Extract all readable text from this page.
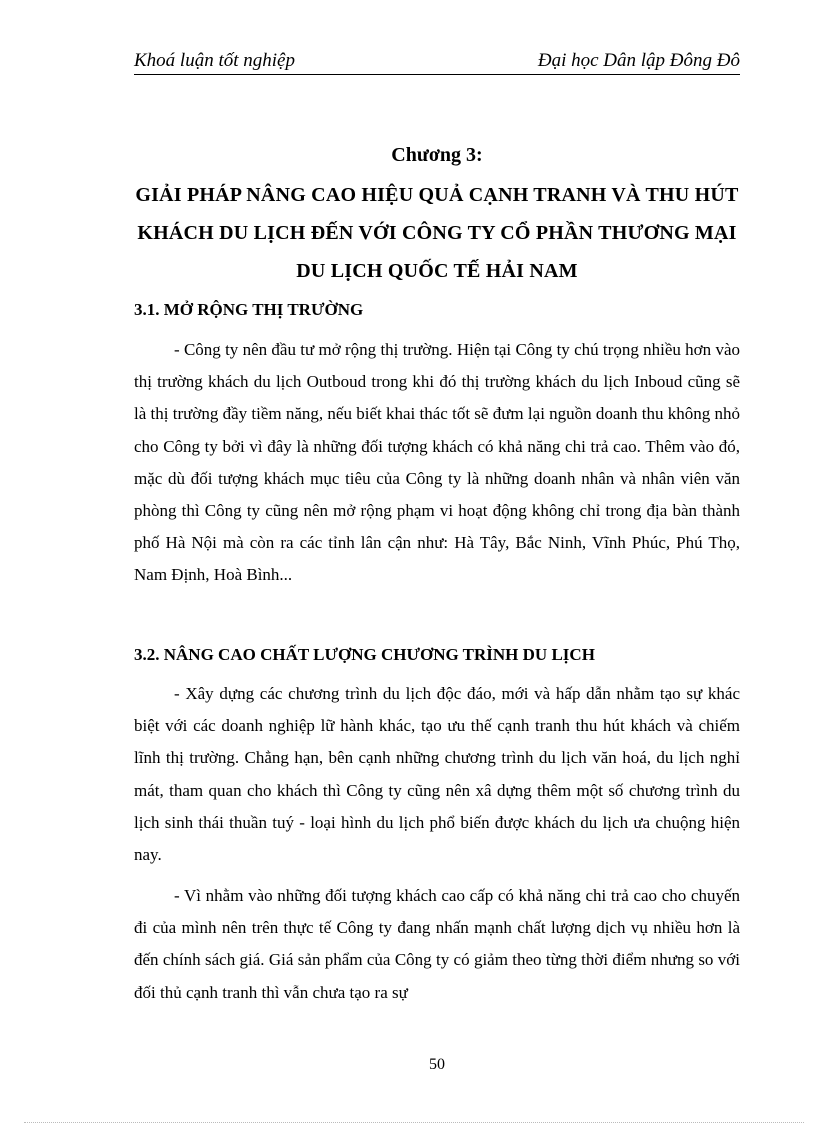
Khoá luận tốt nghiệp	Đại học Dân lập Đông Đô
Chương 3:
GIẢI PHÁP NÂNG CAO HIỆU QUẢ CẠNH TRANH VÀ THU HÚT KHÁCH DU LỊCH ĐẾN VỚI CÔNG TY CỔ PHẦN THƯƠNG MẠI DU LỊCH QUỐC TẾ HẢI NAM
3.1. MỞ RỘNG THỊ TRƯỜNG

- Công ty nên đầu tư mở rộng thị trường. Hiện tại Công ty chú trọng nhiều hơn vào thị trường khách du lịch Outboud trong khi đó thị trường khách du lịch Inboud cũng sẽ là thị trường đầy tiềm năng, nếu biết khai thác tốt sẽ đưm lại nguồn doanh thu không nhỏ cho Công ty bởi vì đây là những đối tượng khách có khả năng chi trả cao. Thêm vào đó, mặc dù đối tượng khách mục tiêu của Công ty là những doanh nhân và nhân viên văn phòng thì Công ty cũng nên mở rộng phạm vi hoạt động không chỉ trong địa bàn thành phố Hà Nội mà còn ra các tỉnh lân cận như: Hà Tây, Bắc Ninh, Vĩnh Phúc, Phú Thọ, Nam Định, Hoà Bình...

3.2. NÂNG CAO CHẤT LƯỢNG CHƯƠNG TRÌNH DU LỊCH

- Xây dựng các chương trình du lịch độc đáo, mới và hấp dẫn nhằm tạo sự khác biệt với các doanh nghiệp lữ hành khác, tạo ưu thế cạnh tranh thu hút khách và chiếm lĩnh thị trường. Chẳng hạn, bên cạnh những chương trình du lịch văn hoá, du lịch nghỉ mát, tham quan cho khách thì Công ty cũng nên xâ dựng thêm một số chương trình du lịch sinh thái thuần tuý - loại hình du lịch phổ biến được khách du lịch ưa chuộng hiện nay.

- Vì nhằm vào những đối tượng khách cao cấp có khả năng chi trả cao cho chuyến đi của mình nên trên thực tế Công ty đang nhấn mạnh chất lượng dịch vụ nhiều hơn là đến chính sách giá. Giá sản phẩm của Công ty có giảm theo từng thời điểm nhưng so với đối thủ cạnh tranh thì vẫn chưa tạo ra sự

50
